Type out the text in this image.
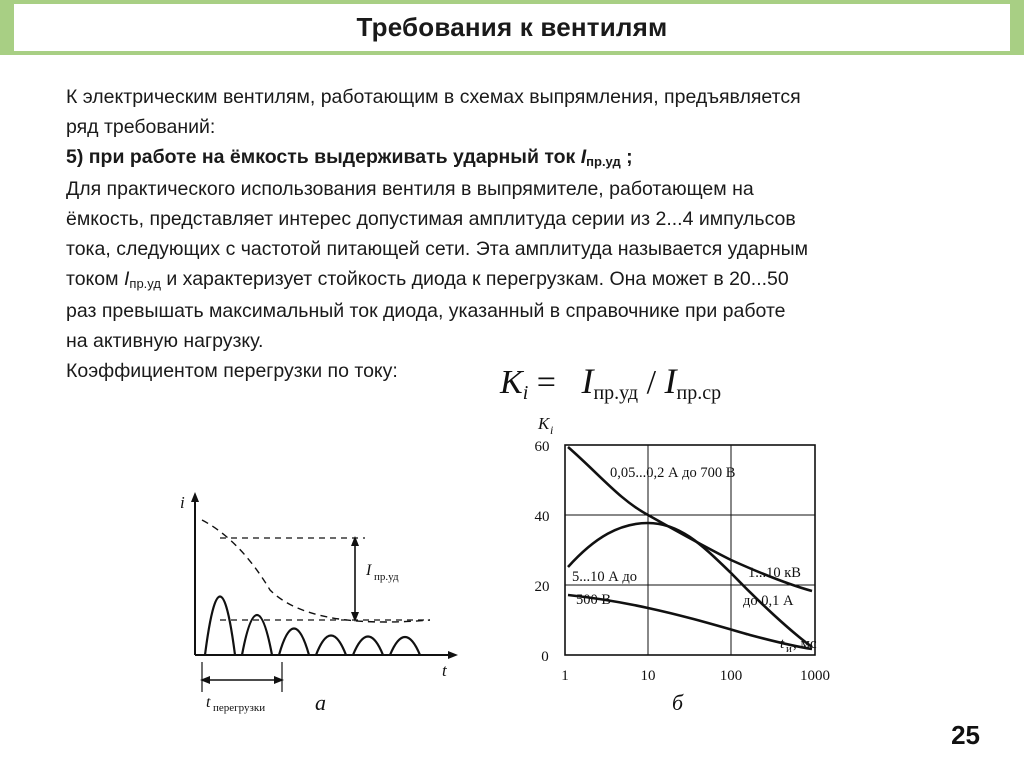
Требования к вентилям

К электрическим вентилям, работающим в схемах выпрямления, предъявляется

ряд требований:

5) при работе на ёмкость выдерживать ударный ток Iпр.уд ;

Для практического использования вентиля в выпрямителе, работающем на

ёмкость, представляет интерес допустимая амплитуда серии из 2...4 импульсов

тока, следующих с частотой питающей сети. Эта амплитуда называется ударным

током Iпр.уд и характеризует стойкость диода к перегрузкам. Она может в 20...50

раз превышать максимальный ток диода, указанный в справочнике при работе

на активную нагрузку.

Коэффициентом перегрузки по току:	Ki = Iпр.уд / Iпр.ср
i
t
I пр.уд
t перегрузки
K i
60
40
20
0
1	10	100	1000
0,05...0,2 А до 700 В
5...10 А до
500 В
1...10 кВ
до 0,1 А
t и , мс
а	б
25
